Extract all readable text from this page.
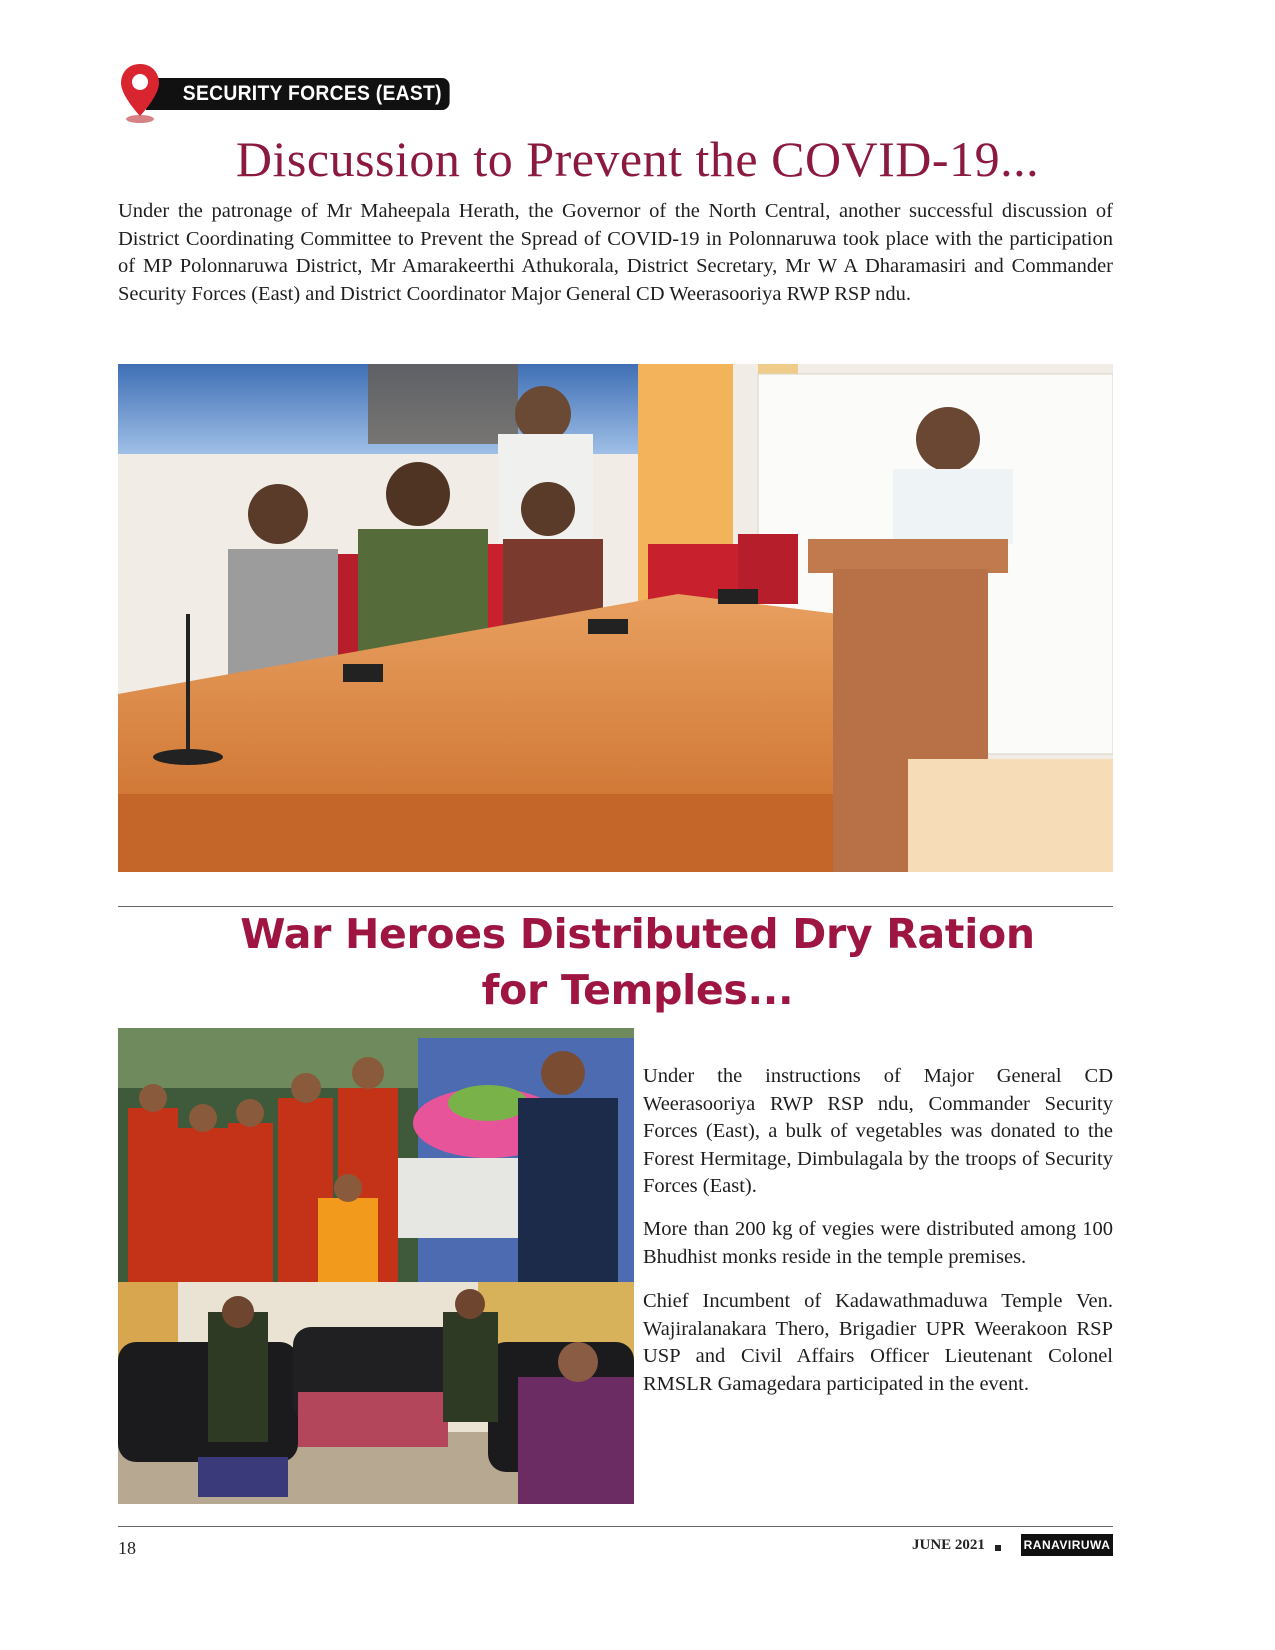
SECURITY FORCES (EAST)
Discussion to Prevent the COVID-19...

Under the patronage of Mr Maheepala Herath, the Governor of the North Central, another successful discussion of District Coordinating Committee to Prevent the Spread of COVID-19 in Polonnaruwa took place with the participation of MP Polonnaruwa District, Mr Amarakeerthi Athukorala, District Secretary, Mr W A Dharamasiri and Commander Security Forces (East) and District Coordinator Major General CD Weerasooriya RWP RSP ndu.

War Heroes Distributed Dry Ration
for Temples...

Under the instructions of Major General CD Weerasooriya RWP RSP ndu, Commander Security Forces (East), a bulk of vegetables was donated to the Forest Hermitage, Dimbulagala by the troops of Security Forces (East).

More than 200 kg of vegies were distributed among 100 Bhudhist monks reside in the temple premises.

Chief Incumbent of Kadawathmaduwa Temple Ven. Wajiralanakara Thero, Brigadier UPR Weerakoon RSP USP and Civil Affairs Officer Lieutenant Colonel RMSLR Gamagedara participated in the event.

18	JUNE 2021	RANAVIRUWA
